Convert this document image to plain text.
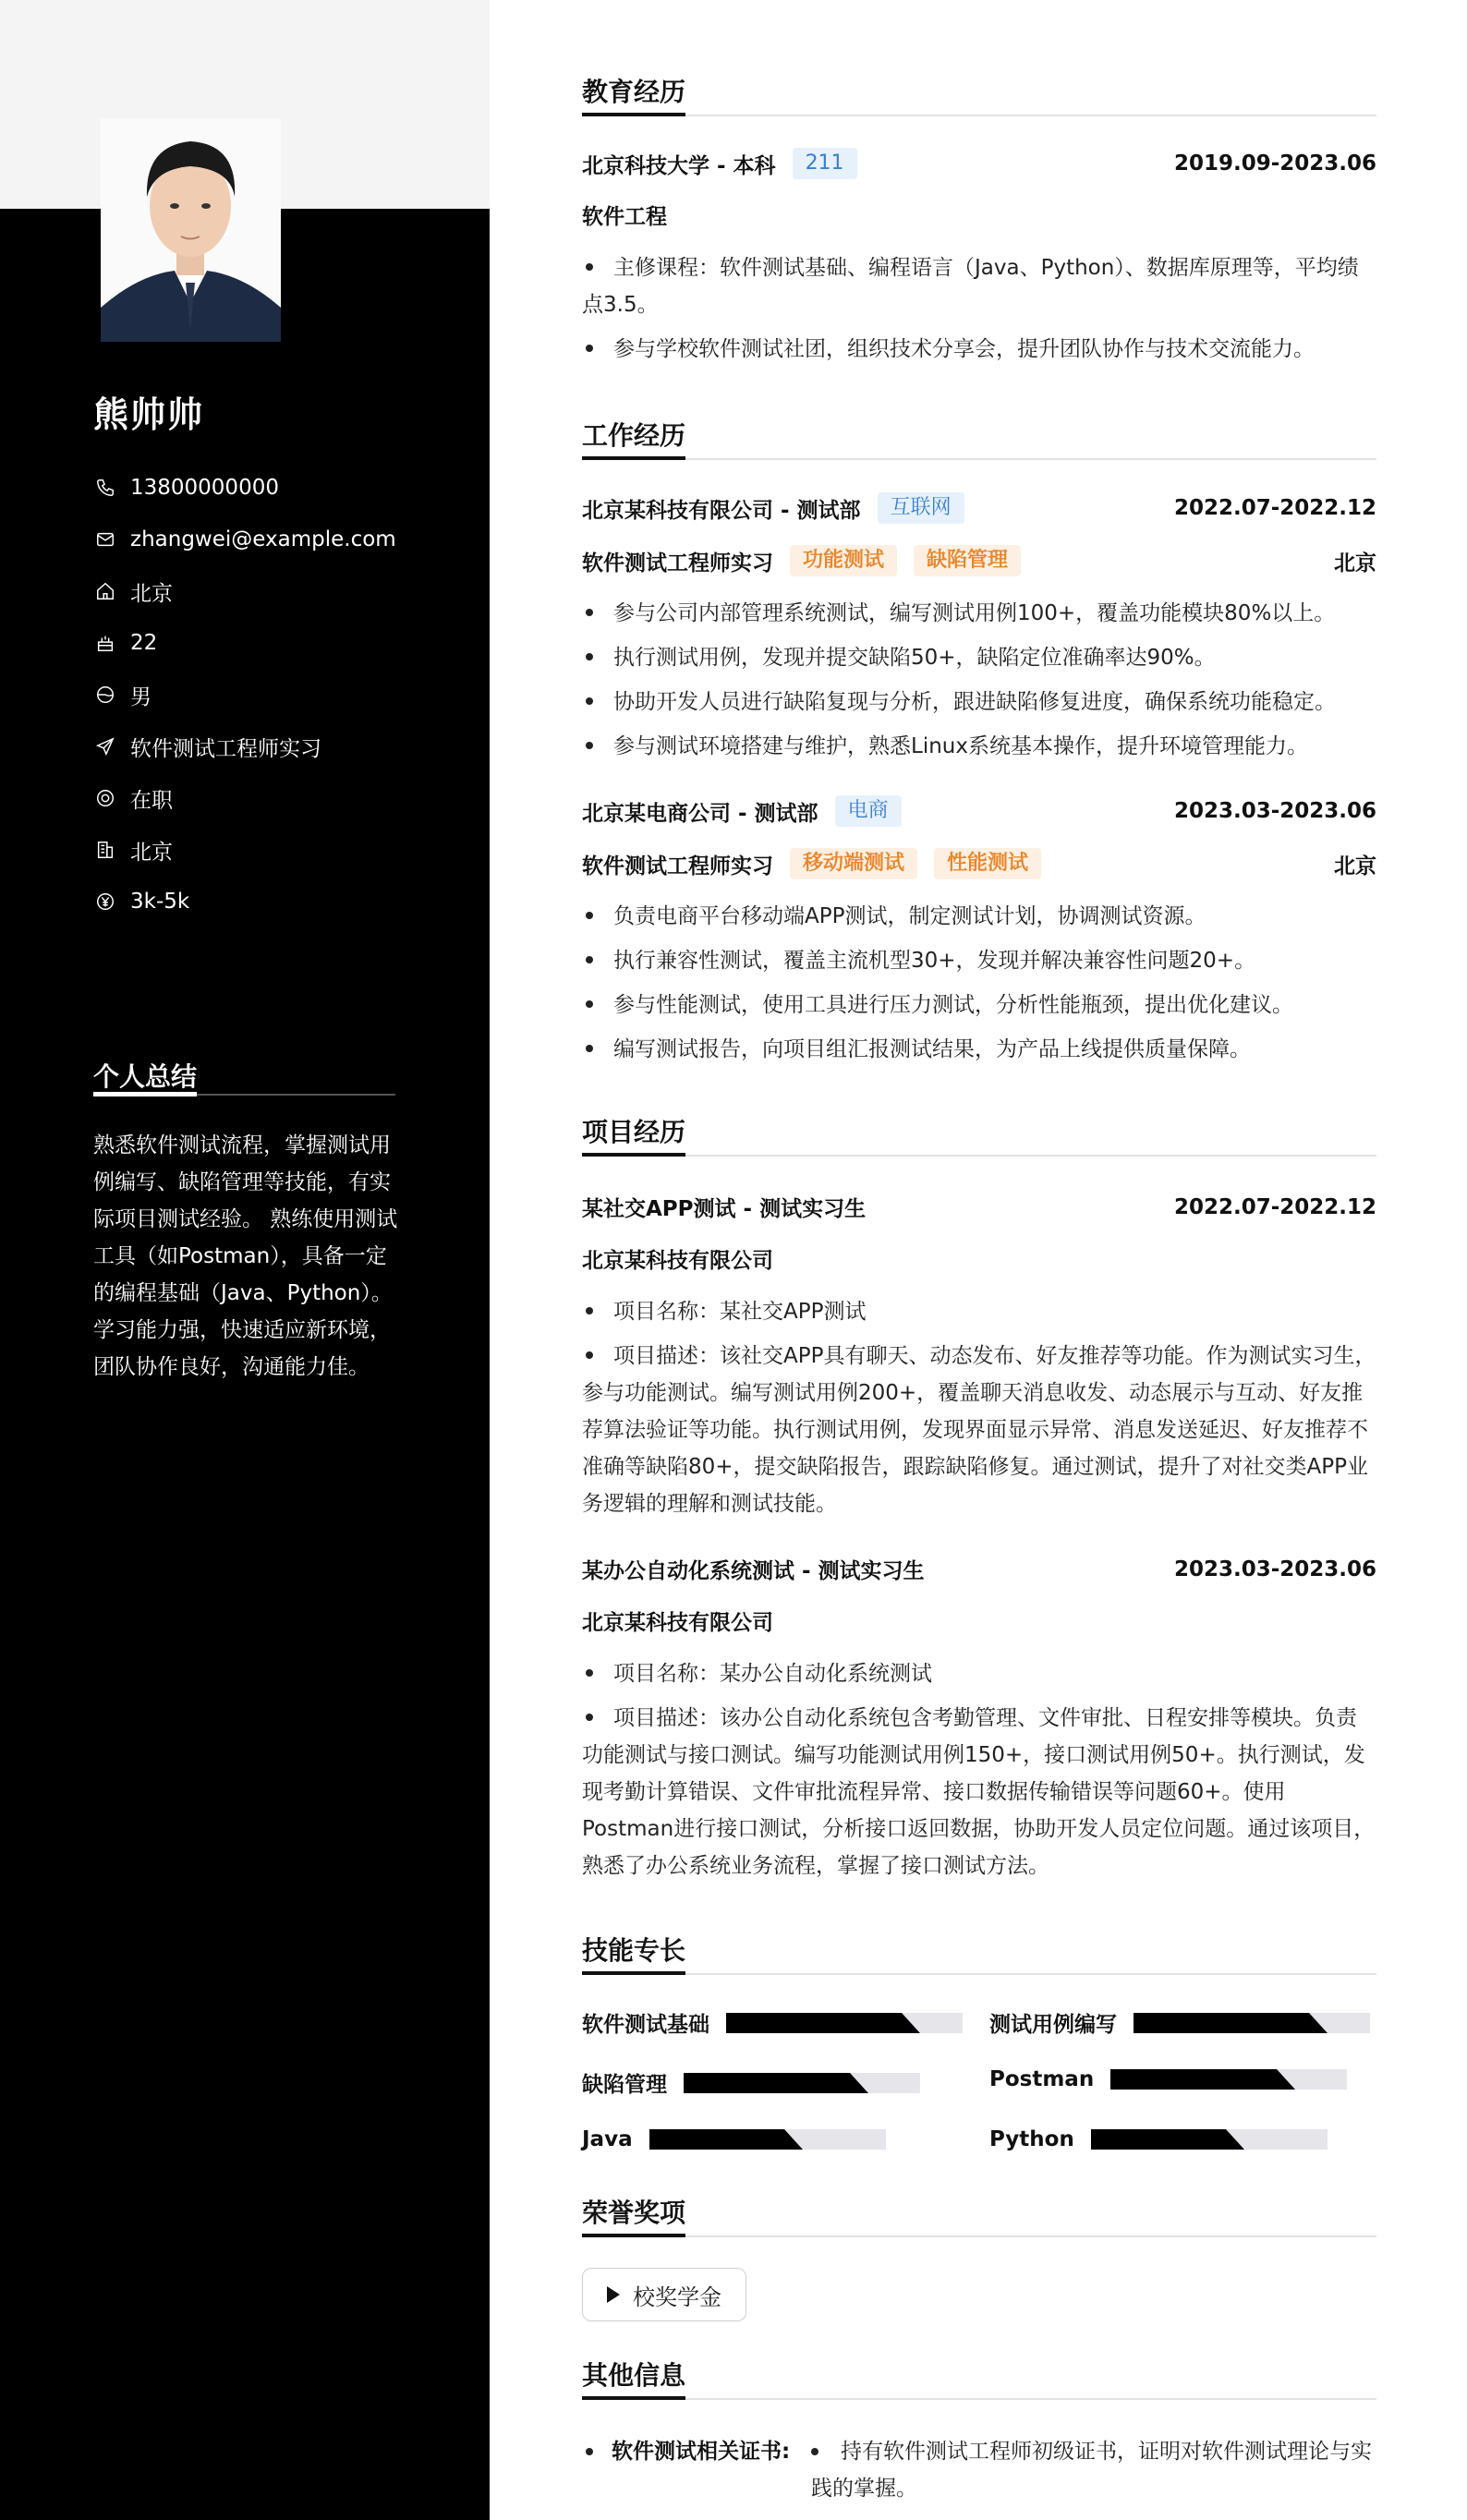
熊帅帅
13800000000
zhangwei@example.com
北京
22
男
软件测试工程师实习
在职
北京
3k-5k
个人总结
熟悉软件测试流程，掌握测试用例编写、缺陷管理等技能，有实际项目测试经验。 熟练使用测试工具（如Postman），具备一定的编程基础（Java、Python）。 学习能力强，快速适应新环境，团队协作良好，沟通能力佳。
教育经历
北京科技大学 - 本科	211	2019.09-2023.06
软件工程
主修课程：软件测试基础、编程语言（Java、Python）、数据库原理等，平均绩点3.5。
参与学校软件测试社团，组织技术分享会，提升团队协作与技术交流能力。
工作经历
北京某科技有限公司 - 测试部	互联网	2022.07-2022.12
软件测试工程师实习	功能测试	缺陷管理	北京
参与公司内部管理系统测试，编写测试用例100+，覆盖功能模块80%以上。
执行测试用例，发现并提交缺陷50+，缺陷定位准确率达90%。
协助开发人员进行缺陷复现与分析，跟进缺陷修复进度，确保系统功能稳定。
参与测试环境搭建与维护，熟悉Linux系统基本操作，提升环境管理能力。
北京某电商公司 - 测试部	电商	2023.03-2023.06
软件测试工程师实习	移动端测试	性能测试	北京
负责电商平台移动端APP测试，制定测试计划，协调测试资源。
执行兼容性测试，覆盖主流机型30+，发现并解决兼容性问题20+。
参与性能测试，使用工具进行压力测试，分析性能瓶颈，提出优化建议。
编写测试报告，向项目组汇报测试结果，为产品上线提供质量保障。
项目经历
某社交APP测试 - 测试实习生	2022.07-2022.12
北京某科技有限公司
项目名称：某社交APP测试
项目描述：该社交APP具有聊天、动态发布、好友推荐等功能。作为测试实习生，参与功能测试。编写测试用例200+，覆盖聊天消息收发、动态展示与互动、好友推荐算法验证等功能。执行测试用例，发现界面显示异常、消息发送延迟、好友推荐不准确等缺陷80+，提交缺陷报告，跟踪缺陷修复。通过测试，提升了对社交类APP业务逻辑的理解和测试技能。
某办公自动化系统测试 - 测试实习生	2023.03-2023.06
北京某科技有限公司
项目名称：某办公自动化系统测试
项目描述：该办公自动化系统包含考勤管理、文件审批、日程安排等模块。负责功能测试与接口测试。编写功能测试用例150+，接口测试用例50+。执行测试，发现考勤计算错误、文件审批流程异常、接口数据传输错误等问题60+。使用Postman进行接口测试，分析接口返回数据，协助开发人员定位问题。通过该项目，熟悉了办公系统业务流程，掌握了接口测试方法。
技能专长
软件测试基础	测试用例编写
缺陷管理	Postman
Java	Python
荣誉奖项
校奖学金
其他信息
软件测试相关证书:	持有软件测试工程师初级证书，证明对软件测试理论与实践的掌握。
